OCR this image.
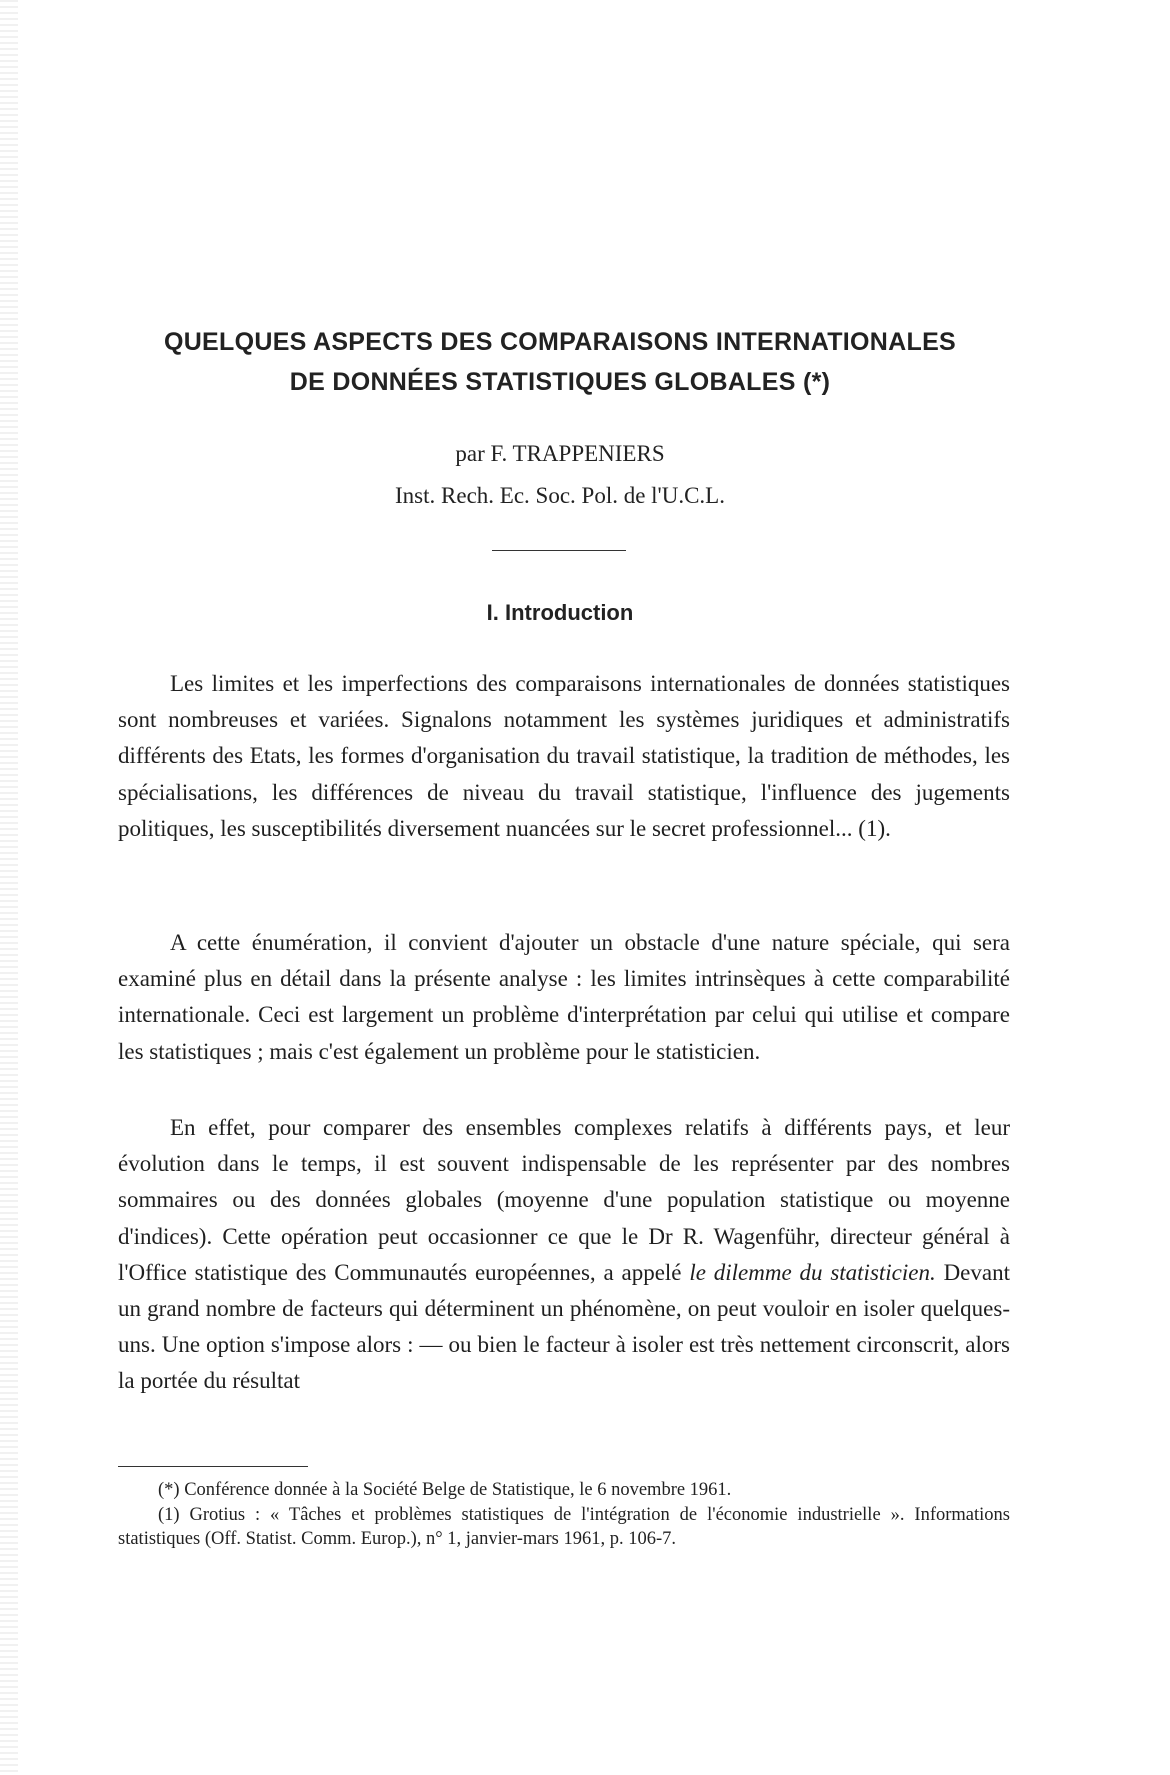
QUELQUES ASPECTS DES COMPARAISONS INTERNATIONALES
DE DONNÉES STATISTIQUES GLOBALES (*)
par F. TRAPPENIERS
Inst. Rech. Ec. Soc. Pol. de l'U.C.L.
I. Introduction
Les limites et les imperfections des comparaisons internationales de données statistiques sont nombreuses et variées. Signalons notamment les systèmes juridiques et administratifs différents des Etats, les formes d'organisation du travail statistique, la tradition de méthodes, les spécialisations, les différences de niveau du travail statistique, l'influence des jugements politiques, les susceptibilités diversement nuancées sur le secret professionnel... (1).
A cette énumération, il convient d'ajouter un obstacle d'une nature spéciale, qui sera examiné plus en détail dans la présente analyse : les limites intrinsèques à cette comparabilité internationale. Ceci est largement un problème d'interprétation par celui qui utilise et compare les statistiques ; mais c'est également un problème pour le statisticien.
En effet, pour comparer des ensembles complexes relatifs à différents pays, et leur évolution dans le temps, il est souvent indispensable de les représenter par des nombres sommaires ou des données globales (moyenne d'une population statistique ou moyenne d'indices). Cette opération peut occasionner ce que le Dr R. Wagenführ, directeur général à l'Office statistique des Communautés européennes, a appelé le dilemme du statisticien. Devant un grand nombre de facteurs qui déterminent un phénomène, on peut vouloir en isoler quelques-uns. Une option s'impose alors : — ou bien le facteur à isoler est très nettement circonscrit, alors la portée du résultat
(*) Conférence donnée à la Société Belge de Statistique, le 6 novembre 1961.
(1) Grotius : « Tâches et problèmes statistiques de l'intégration de l'économie industrielle ». Informations statistiques (Off. Statist. Comm. Europ.), n° 1, janvier-mars 1961, p. 106-7.
